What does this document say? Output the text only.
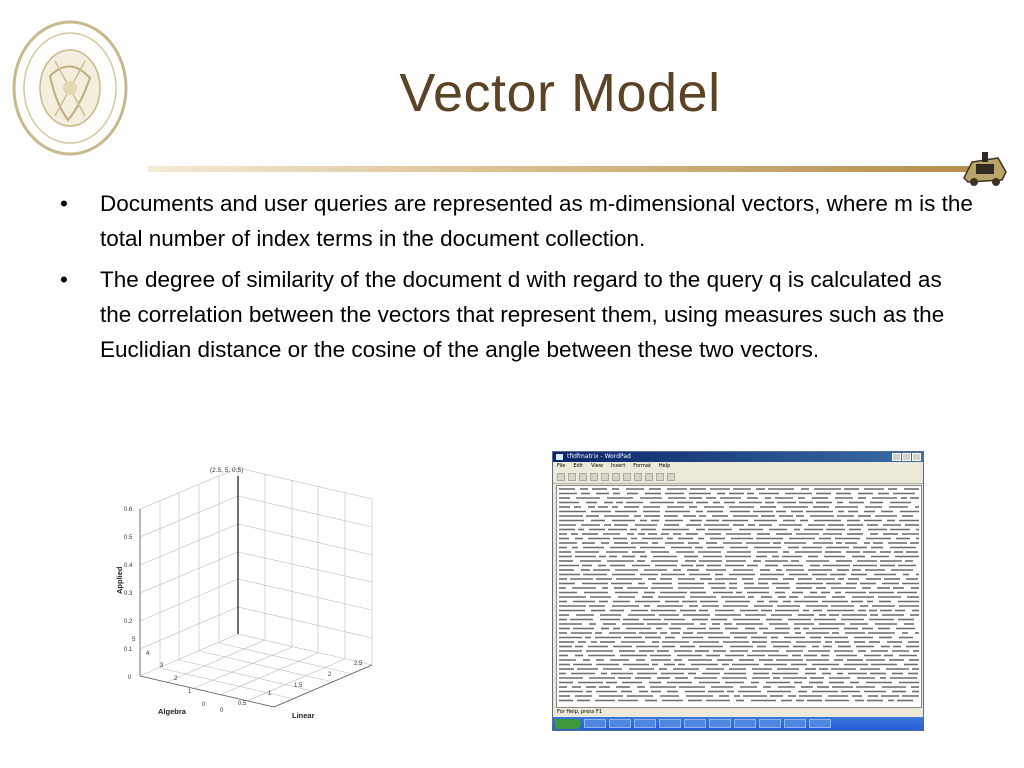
Vector Model
• Documents and user queries are represented as m-dimensional vectors, where m is the total number of index terms in the document collection.
• The degree of similarity of the document d with regard to the query q is calculated as the correlation between the vectors that represent them, using measures such as the Euclidian distance or the cosine of the angle between these two vectors.
(2.5, 5, 0.5)
0.6
0.5
0.4
0.3
0.2
0.1
0
5
4
3
2
1
0
0
0.5
1
1.5
2
2.5
Applied
Algebra	Linear
tfidfmatrix - WordPad
File Edit View Insert Format Help
For Help, press F1
